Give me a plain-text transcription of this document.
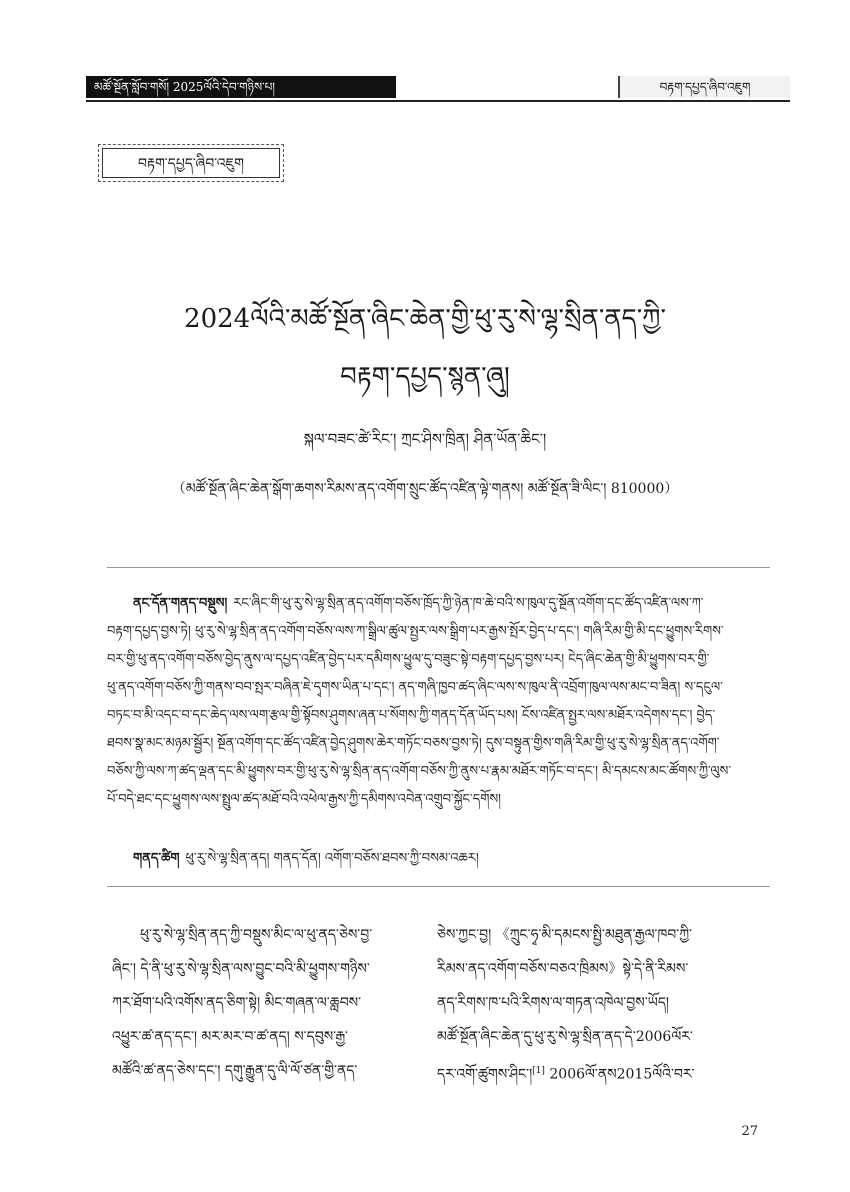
མཚོ་སྔོན་སློབ་གསོ། 2025ལོའི་དེབ་གཉིས་པ།	བརྟག་དཔྱད་ཞིབ་འཇུག
བརྟག་དཔྱད་ཞིབ་འཇུག
2024ལོའི་མཚོ་སྔོན་ཞིང་ཆེན་གྱི་ཕུ་རུ་སེ་ལྷ་སྲིན་ནད་ཀྱི་
བརྟག་དཔྱད་སྙན་ཞུ།
སྐལ་བཟང་ཚེ་རིང་། ཀྲང་ཤིས་ཁྲིན། ཤིན་ཡོན་ཆིང་།
（མཚོ་སྔོན་ཞིང་ཆེན་སྒོག་ཆགས་རིམས་ནད་འགོག་སྲུང་ཚོད་འཛིན་ལྟེ་གནས། མཚོ་སྔོན་ཟི་ལིང་། 810000）

ནང་དོན་གནད་བསྡུས། རང་ཞིང་གི་ཕུ་རུ་སེ་ལྷ་སྲིན་ནད་འགོག་བཅོས་ཁྲོད་ཀྱི་ཉེན་ཁ་ཆེ་བའི་ས་ཁུལ་དུ་སྔོན་འགོག་དང་ཚོད་འཛིན་ལས་ཀ་

བརྟག་དཔྱད་བྱས་ཏེ། ཕུ་རུ་སེ་ལྷ་སྲིན་ནད་འགོག་བཅོས་ལས་ཀ་སྒྲིལ་ཚུལ་སྤྱར་ལས་སྒྲིག་པར་རྒྱས་སྤོར་བྱེད་པ་དང་། གཞི་རིམ་གྱི་མི་དང་ཕྱུགས་རིགས་
བར་གྱི་ཕུ་ནད་འགོག་བཅོས་བྱེད་ནུས་ལ་དཔྱད་འཛིན་བྱེད་པར་དམིགས་ཕྱུལ་དུ་བཟུང་སྟེ་བརྟག་དཔྱད་བྱས་པར། ངེད་ཞིང་ཆེན་གྱི་མི་ཕྱུགས་བར་གྱི་
ཕུ་ནད་འགོག་བཅོས་ཀྱི་གནས་བབ་སྤར་བཞིན་ཇེ་དྭགས་ཡིན་པ་དང་། ནད་གཞི་ཁྱབ་ཚད་ཞིང་ལས་ས་ཁུལ་ནི་འབྲོག་ཁུལ་ལས་མང་བ་ཟིན། ས་དངུལ་
བཏང་བ་མི་འདང་བ་དང་ཆེད་ལས་ལག་རྩལ་གྱི་སྟོབས་ཤུགས་ཞན་པ་སོགས་ཀྱི་གནད་དོན་ཡོད་པས། ངོས་འཛིན་སྤྱར་ལས་མཐོར་འདེགས་དང་། བྱེད་
ཐབས་སྣ་མང་མཉམ་སྦྱོར། སྔོན་འགོག་དང་ཚོད་འཛིན་བྱེད་ཤུགས་ཆེར་གཏོང་བཅས་བྱས་ཏེ། དུས་བསྟུན་གྱིས་གཞི་རིམ་གྱི་ཕུ་རུ་སེ་ལྷ་སྲིན་ནད་འགོག་
བཅོས་ཀྱི་ལས་ཀ་ཚད་ལྡན་དང་མི་ཕྱུགས་བར་གྱི་ཕུ་རུ་སེ་ལྷ་སྲིན་ནད་འགོག་བཅོས་ཀྱི་ནུས་པ་རྣམ་མཐོར་གཏོང་བ་དང་། མི་དམངས་མང་ཚོགས་ཀྱི་ལུས་
པོ་བདེ་ཐང་དང་ཕྱུགས་ལས་སྤྲུལ་ཚད་མཐོ་བའི་འཕེལ་རྒྱས་ཀྱི་དམིགས་འབེན་འགྲུབ་སྐྱོང་དགོས།
གནད་ཚིག ཕུ་རུ་སེ་ལྷ་སྲིན་ནད། གནད་དོན། འགོག་བཅོས་ཐབས་ཀྱི་བསམ་འཆར།

ཕུ་རུ་སེ་ལྷ་སྲིན་ནད་ཀྱི་བསྡུས་མིང་ལ་ཕུ་ནད་ཅེས་བྱ་

ཞིང་། དེ་ནི་ཕུ་རུ་སེ་ལྷ་སྲིན་ལས་བྱུང་བའི་མི་ཕྱུགས་གཉིས་
ཀར་ཐོག་པའི་འགོས་ནད་ཅིག་སྟེ། མིང་གཞན་ལ་ཆླབས་
འཕྱུར་ཚ་ནད་དང་། མར་མར་བ་ཚ་ནད། ས་དབུས་རྒྱ་
མཚོའི་ཚ་ནད་ཅེས་དང་། དགུ་རྒྱུན་དུ་ལི་ལོ་ཙན་གྱི་ནད་
ཅེས་ཀྱང་བྱ། 《ཀྲུང་ཧྭ་མི་དམངས་སྤྱི་མཐུན་རྒྱལ་ཁབ་ཀྱི་
རིམས་ནད་འགོག་བཅོས་བཅའ་ཁྲིམས》སྟེ་དེ་ནི་རིམས་
ནད་རིགས་ཁ་པའི་རིགས་ལ་གཏན་འཁེལ་བྱས་ཡོད།
མཚོ་སྔོན་ཞིང་ཆེན་དུ་ཕུ་རུ་སེ་ལྷ་སྲིན་ནད་དེ་2006ལོར་
དར་འགོ་ཚུགས་ཤིང་།[1] 2006ལོ་ནས2015ལོའི་བར་
27
